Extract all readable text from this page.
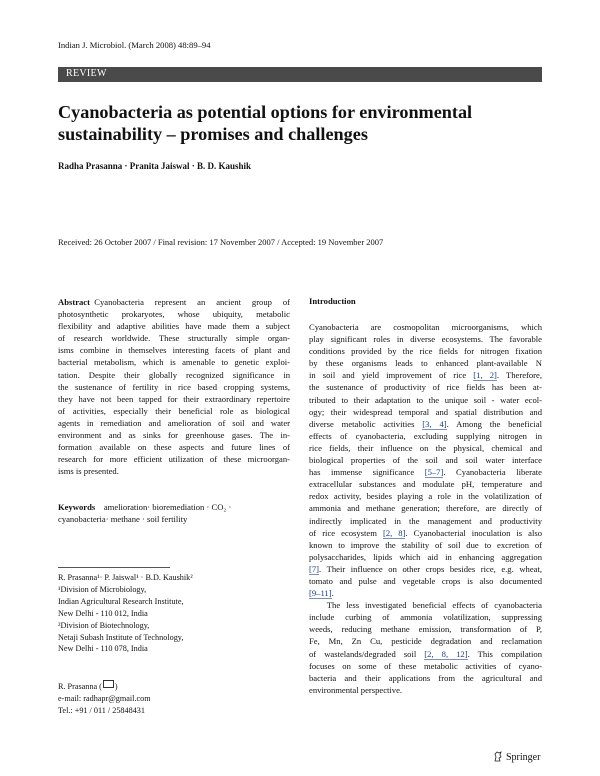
Indian J. Microbiol. (March 2008) 48:89–94
REVIEW
Cyanobacteria as potential options for environmental
sustainability – promises and challenges
Radha Prasanna · Pranita Jaiswal · B. D. Kaushik
Received: 26 October 2007 / Final revision: 17 November 2007 / Accepted: 19 November 2007

Abstract  Cyanobacteria represent an ancient group of

photosynthetic prokaryotes, whose ubiquity, metabolic

flexibility and adaptive abilities have made them a subject

of research worldwide. These structurally simple organ-

isms combine in themselves interesting facets of plant and

bacterial metabolism, which is amenable to genetic exploi-

tation. Despite their globally recognized significance in

the sustenance of fertility in rice based cropping systems,

they have not been tapped for their extraordinary repertoire

of activities, especially their beneficial role as biological

agents in remediation and amelioration of soil and water

environment and as sinks for greenhouse gases. The in-

formation available on these aspects and future lines of

research for more efficient utilization of these microorgan-

isms is presented.

Keywords  amelioration· bioremediation · CO₂ ·

cyanobacteria· methane · soil fertility

R. Prasanna¹· P. Jaiswal¹ · B.D. Kaushik²
¹Division of Microbiology,
Indian Agricultural Research Institute,
New Delhi - 110 012, India
²Division of Biotechnology,
Netaji Subash Institute of Technology,
New Delhi - 110 078, India
R. Prasanna ( )
e-mail: radhapr@gmail.com
Tel.: +91 / 011 / 25848431
Introduction

Cyanobacteria are cosmopolitan microorganisms, which

play significant roles in diverse ecosystems. The favorable

conditions provided by the rice fields for nitrogen fixation

by these organisms leads to enhanced plant-available N

in soil and yield improvement of rice [1, 2]. Therefore,

the sustenance of productivity of rice fields has been at-

tributed to their adaptation to the unique soil - water ecol-

ogy; their widespread temporal and spatial distribution and

diverse metabolic activities [3, 4]. Among the beneficial

effects of cyanobacteria, excluding supplying nitrogen in

rice fields, their influence on the physical, chemical and

biological properties of the soil and soil water interface

has immense significance [5–7]. Cyanobacteria liberate

extracellular substances and modulate pH, temperature and

redox activity, besides playing a role in the volatilization of

ammonia and methane generation; therefore, are directly of

indirectly implicated in the management and productivity

of rice ecosystem [2, 8]. Cyanobacterial inoculation is also

known to improve the stability of soil due to excretion of

polysaccharides, lipids which aid in enhancing aggregation

[7]. Their influence on other crops besides rice, e.g. wheat,

tomato and pulse and vegetable crops is also documented

[9–11].

The less investigated beneficial effects of cyanobacteria

include curbing of ammonia volatilization, suppressing

weeds, reducing methane emission, transformation of P,

Fe, Mn, Zn Cu, pesticide degradation and reclamation

of wastelands/degraded soil [2, 8, 12]. This compilation

focuses on some of these metabolic activities of cyano-

bacteria and their applications from the agricultural and

environmental perspective.

Springer
